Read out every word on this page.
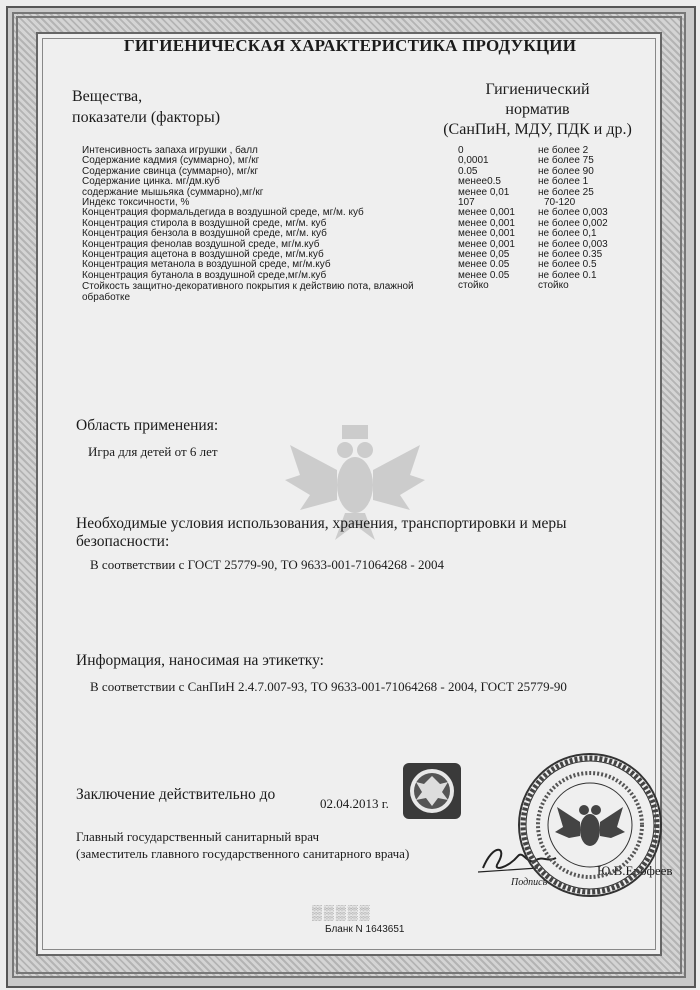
ГИГИЕНИЧЕСКАЯ ХАРАКТЕРИСТИКА ПРОДУКЦИИ
Вещества,
показатели (факторы)
Гигиенический
норматив
(СанПиН, МДУ, ПДК и др.)
Интенсивность запаха игрушки , балл	0	не более 2
Содержание кадмия (суммарно), мг/кг	0,0001	не более 75
Содержание свинца (суммарно), мг/кг	0.05	не более 90
Содержание цинка. мг/дм.куб	менее0.5	не более 1
содержание мышьяка (суммарно),мг/кг	менее 0,01	не более 25
Индекс токсичности, %	107	70-120
Концентрация формальдегида в воздушной среде, мг/м. куб	менее 0,001 не более 0,003
Концентрация стирола в воздушной среде, мг/м. куб	менее 0,001 не более 0,002
Концентрация бензола в воздушной среде, мг/м. куб	менее 0,001 не более 0,1
Концентрация фенолав воздушной среде, мг/м.куб	менее 0,001 не более 0,003
Концентрация ацетона в воздушной среде, мг/м.куб	менее 0,05	не более 0.35
Концентрация метанола в воздушной среде, мг/м.куб	менее 0.05	не более 0.5
Концентрация бутанола в воздушной среде,мг/м.куб	менее 0.05	не более 0.1
Стойкость защитно-декоративного покрытия к действию пота, влажной обработке
стойко	стойко
Область применения:
Игра для детей от 6 лет
Необходимые условия использования, хранения, транспортировки и меры
безопасности:
В соответствии с ГОСТ 25779-90, ТО 9633-001-71064268 - 2004
Информация, наносимая на этикетку:
В соответствии с СанПиН 2.4.7.007-93, ТО 9633-001-71064268 - 2004, ГОСТ 25779-90
Заключение действительно до
02.04.2013 г.
Главный государственный санитарный врач
(заместитель главного государственного санитарного врача)
Подпись
Ю.В.Ерофеев
▒▒▒▒▒
Бланк N 1643651
